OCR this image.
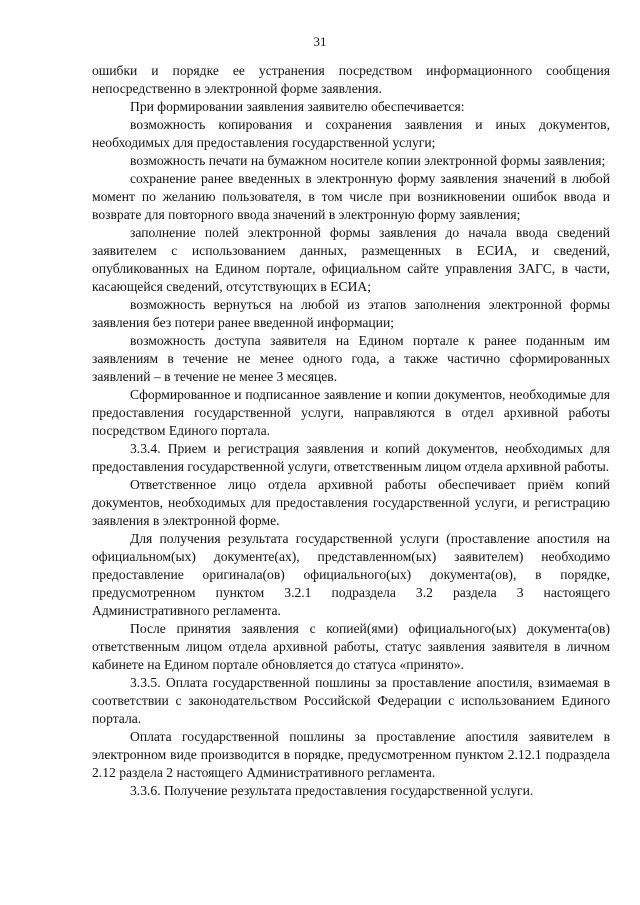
31

ошибки и порядке ее устранения посредством информационного сообщения непосредственно в электронной форме заявления.

При формировании заявления заявителю обеспечивается:

возможность копирования и сохранения заявления и иных документов, необходимых для предоставления государственной услуги;

возможность печати на бумажном носителе копии электронной формы заявления;

сохранение ранее введенных в электронную форму заявления значений в любой момент по желанию пользователя, в том числе при возникновении ошибок ввода и возврате для повторного ввода значений в электронную форму заявления;

заполнение полей электронной формы заявления до начала ввода сведений заявителем с использованием данных, размещенных в ЕСИА, и сведений, опубликованных на Едином портале, официальном сайте управления ЗАГС, в части, касающейся сведений, отсутствующих в ЕСИА;

возможность вернуться на любой из этапов заполнения электронной формы заявления без потери ранее введенной информации;

возможность доступа заявителя на Едином портале к ранее поданным им заявлениям в течение не менее одного года, а также частично сформированных заявлений – в течение не менее 3 месяцев.

Сформированное и подписанное заявление и копии документов, необходимые для предоставления государственной услуги, направляются в отдел архивной работы посредством Единого портала.

3.3.4. Прием и регистрация заявления и копий документов, необходимых для предоставления государственной услуги, ответственным лицом отдела архивной работы.

Ответственное лицо отдела архивной работы обеспечивает приём копий документов, необходимых для предоставления государственной услуги, и регистрацию заявления в электронной форме.

Для получения результата государственной услуги (проставление апостиля на официальном(ых) документе(ах), представленном(ых) заявителем) необходимо предоставление оригинала(ов) официального(ых) документа(ов), в порядке, предусмотренном пунктом 3.2.1 подраздела 3.2 раздела 3 настоящего Административного регламента.

После принятия заявления с копией(ями) официального(ых) документа(ов) ответственным лицом отдела архивной работы, статус заявления заявителя в личном кабинете на Едином портале обновляется до статуса «принято».

3.3.5. Оплата государственной пошлины за проставление апостиля, взимаемая в соответствии с законодательством Российской Федерации с использованием Единого портала.

Оплата государственной пошлины за проставление апостиля заявителем в электронном виде производится в порядке, предусмотренном пунктом 2.12.1 подраздела 2.12 раздела 2 настоящего Административного регламента.

3.3.6. Получение результата предоставления государственной услуги.
